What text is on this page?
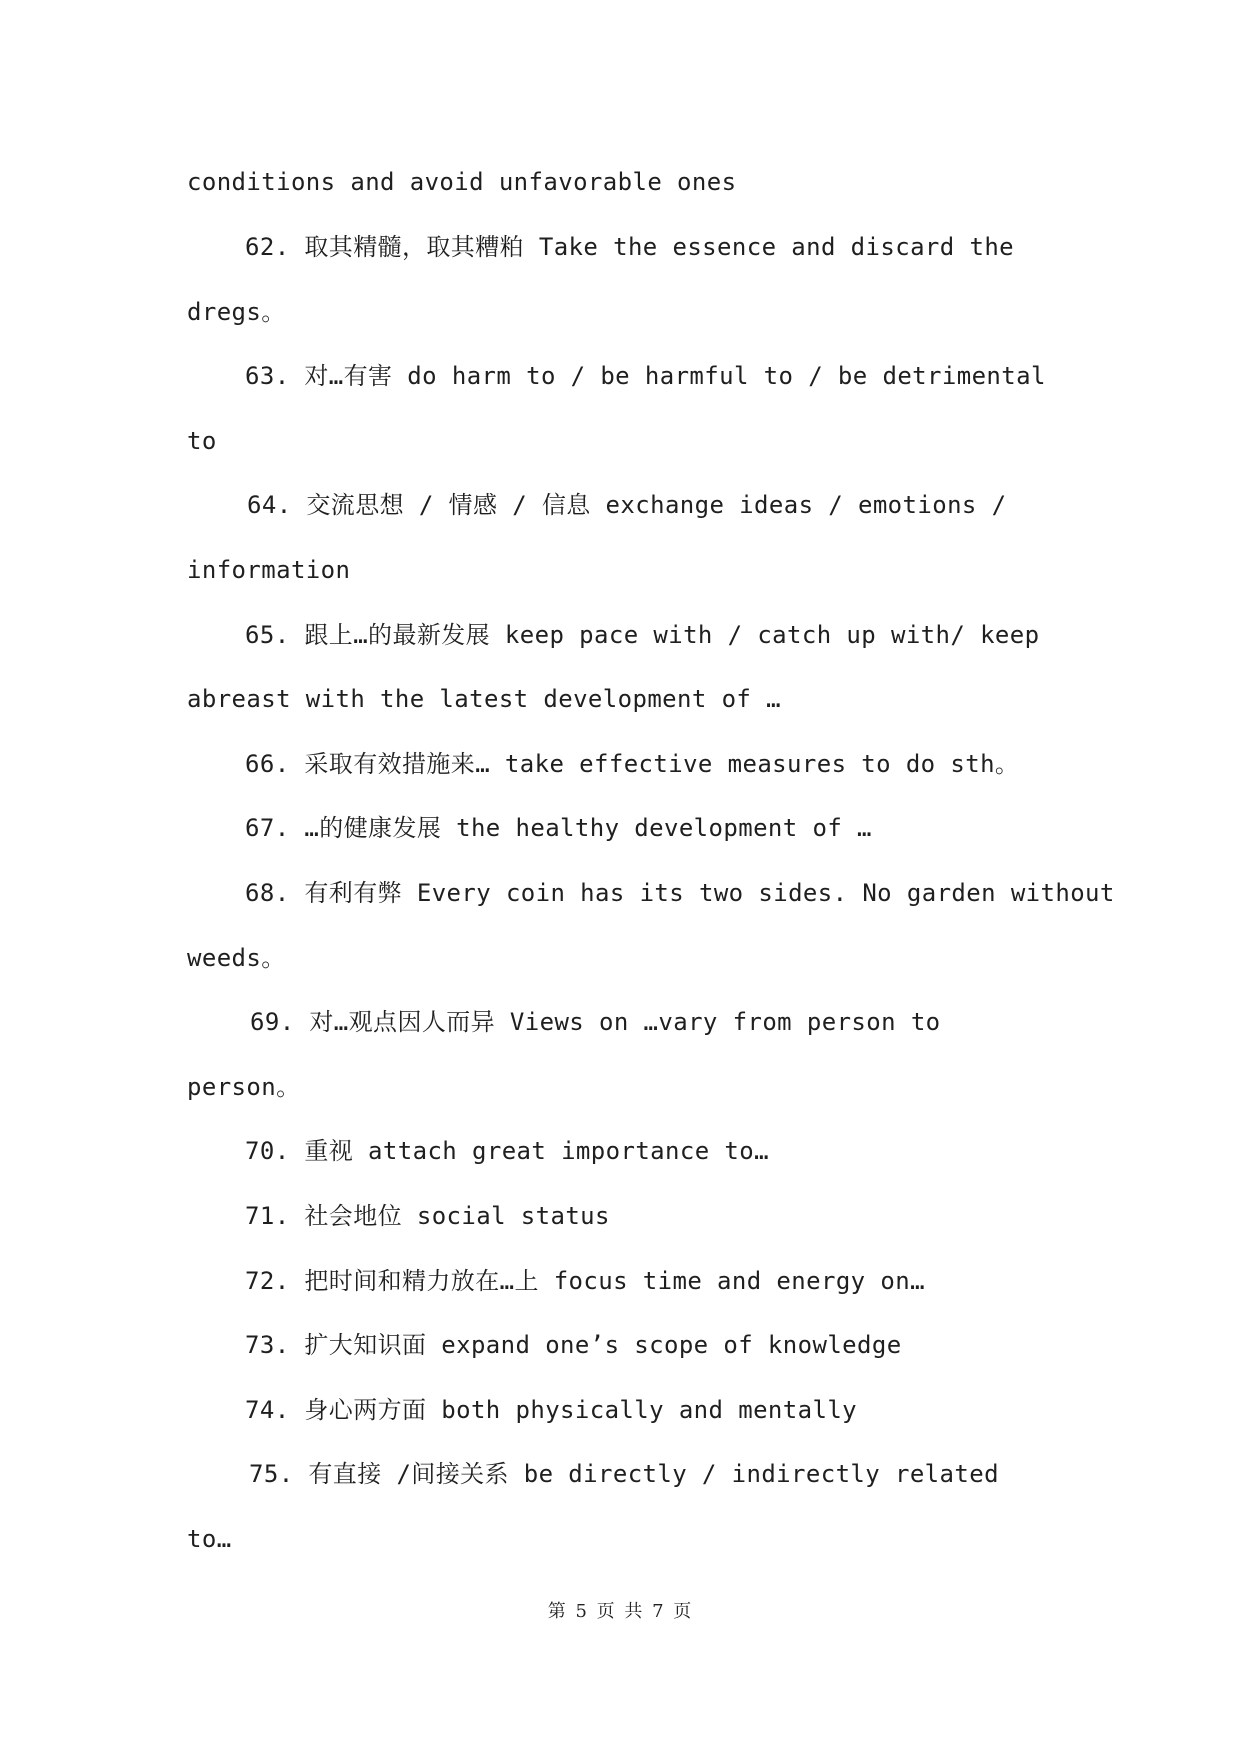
conditions and avoid unfavorable ones
62. 取其精髓，取其糟粕 Take the essence and discard the
dregs。
63. 对…有害 do harm to / be harmful to / be detrimental
to
64. 交流思想 / 情感 / 信息 exchange ideas / emotions /
information
65. 跟上…的最新发展 keep pace with / catch up with/ keep
abreast with the latest development of …
66. 采取有效措施来… take effective measures to do sth。
67. …的健康发展 the healthy development of …
68. 有利有弊 Every coin has its two sides. No garden without
weeds。
69. 对…观点因人而异 Views on …vary from person to
person。
70. 重视 attach great importance to…
71. 社会地位 social status
72. 把时间和精力放在…上 focus time and energy on…
73. 扩大知识面 expand one’s scope of knowledge
74. 身心两方面 both physically and mentally
75. 有直接 /间接关系 be directly / indirectly related
to…
第 5 页 共 7 页
